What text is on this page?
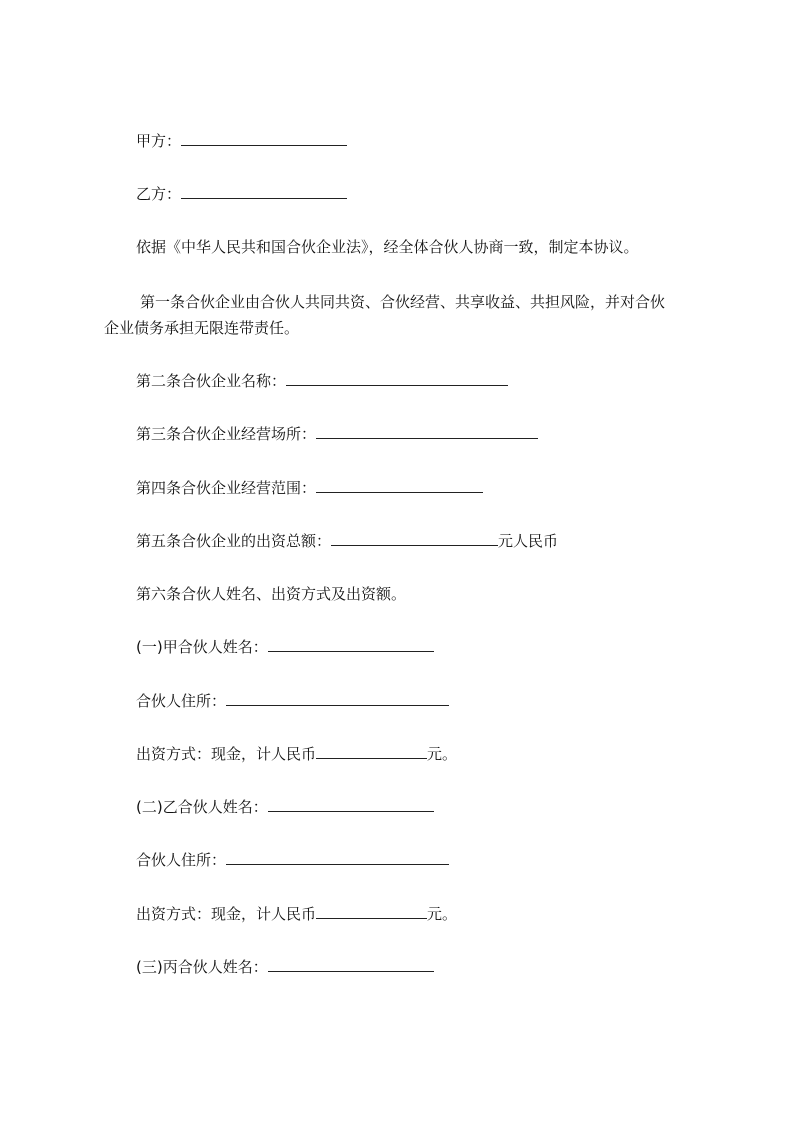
甲方：
乙方：
依据《中华人民共和国合伙企业法》，经全体合伙人协商一致，制定本协议。
第一条合伙企业由合伙人共同共资、合伙经营、共享收益、共担风险，并对合伙
企业债务承担无限连带责任。
第二条合伙企业名称：
第三条合伙企业经营场所：
第四条合伙企业经营范围：
第五条合伙企业的出资总额：	元人民币
第六条合伙人姓名、出资方式及出资额。
(一)甲合伙人姓名：
合伙人住所：
出资方式：现金，计人民币	元。
(二)乙合伙人姓名：
合伙人住所：
出资方式：现金，计人民币	元。
(三)丙合伙人姓名：
